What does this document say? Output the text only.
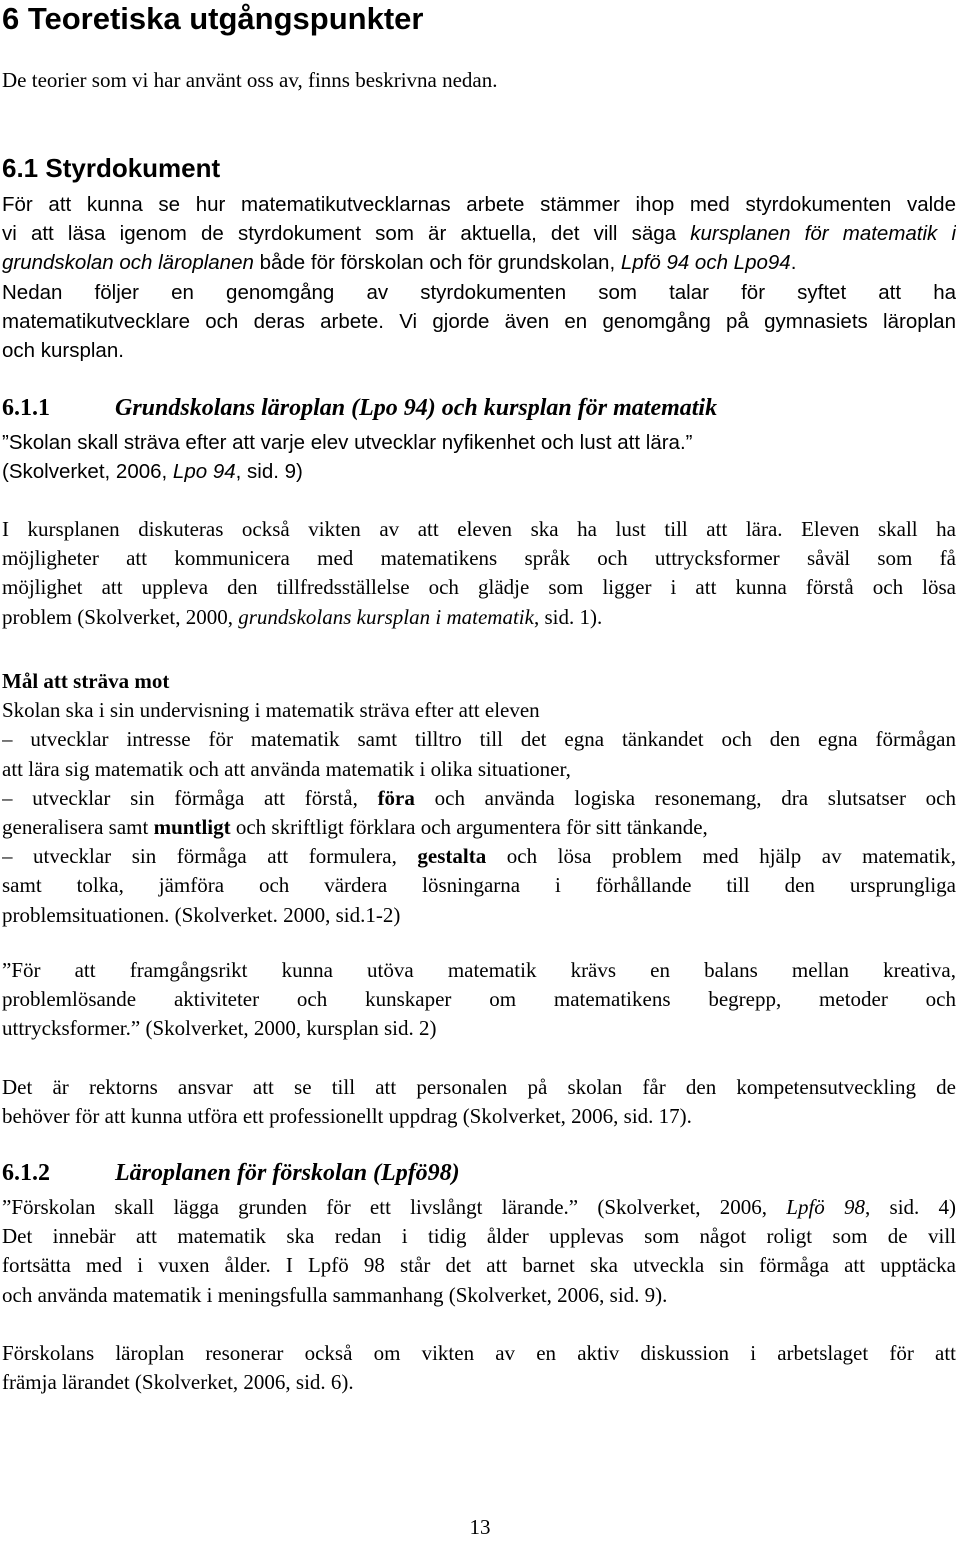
6 Teoretiska utgångspunkter
De teorier som vi har använt oss av, finns beskrivna nedan.
6.1 Styrdokument
För att kunna se hur matematikutvecklarnas arbete stämmer ihop med styrdokumenten valde
vi att läsa igenom de styrdokument som är aktuella, det vill säga kursplanen för matematik i
grundskolan och läroplanen både för förskolan och för grundskolan, Lpfö 94 och Lpo94.
Nedan följer en genomgång av styrdokumenten som talar för syftet att ha
matematikutvecklare och deras arbete. Vi gjorde även en genomgång på gymnasiets läroplan
och kursplan.
6.1.1	Grundskolans läroplan (Lpo 94) och kursplan för matematik
”Skolan skall sträva efter att varje elev utvecklar nyfikenhet och lust att lära.”
(Skolverket, 2006, Lpo 94, sid. 9)
I kursplanen diskuteras också vikten av att eleven ska ha lust till att lära. Eleven skall ha
möjligheter att kommunicera med matematikens språk och uttrycksformer såväl som få
möjlighet att uppleva den tillfredsställelse och glädje som ligger i att kunna förstå och lösa
problem (Skolverket, 2000, grundskolans kursplan i matematik, sid. 1).
Mål att sträva mot
Skolan ska i sin undervisning i matematik sträva efter att eleven
– utvecklar intresse för matematik samt tilltro till det egna tänkandet och den egna förmågan
att lära sig matematik och att använda matematik i olika situationer,
– utvecklar sin förmåga att förstå, föra och använda logiska resonemang, dra slutsatser och
generalisera samt muntligt och skriftligt förklara och argumentera för sitt tänkande,
– utvecklar sin förmåga att formulera, gestalta och lösa problem med hjälp av matematik,
samt tolka, jämföra och värdera lösningarna i förhållande till den ursprungliga
problemsituationen. (Skolverket. 2000, sid.1-2)
”För att framgångsrikt kunna utöva matematik krävs en balans mellan kreativa,
problemlösande aktiviteter och kunskaper om matematikens begrepp, metoder och
uttrycksformer.” (Skolverket, 2000, kursplan sid. 2)
Det är rektorns ansvar att se till att personalen på skolan får den kompetensutveckling de
behöver för att kunna utföra ett professionellt uppdrag (Skolverket, 2006, sid. 17).
6.1.2	Läroplanen för förskolan (Lpfö98)
”Förskolan skall lägga grunden för ett livslångt lärande.” (Skolverket, 2006, Lpfö 98, sid. 4)
Det innebär att matematik ska redan i tidig ålder upplevas som något roligt som de vill
fortsätta med i vuxen ålder. I Lpfö 98 står det att barnet ska utveckla sin förmåga att upptäcka
och använda matematik i meningsfulla sammanhang (Skolverket, 2006, sid. 9).
Förskolans läroplan resonerar också om vikten av en aktiv diskussion i arbetslaget för att
främja lärandet (Skolverket, 2006, sid. 6).
13
